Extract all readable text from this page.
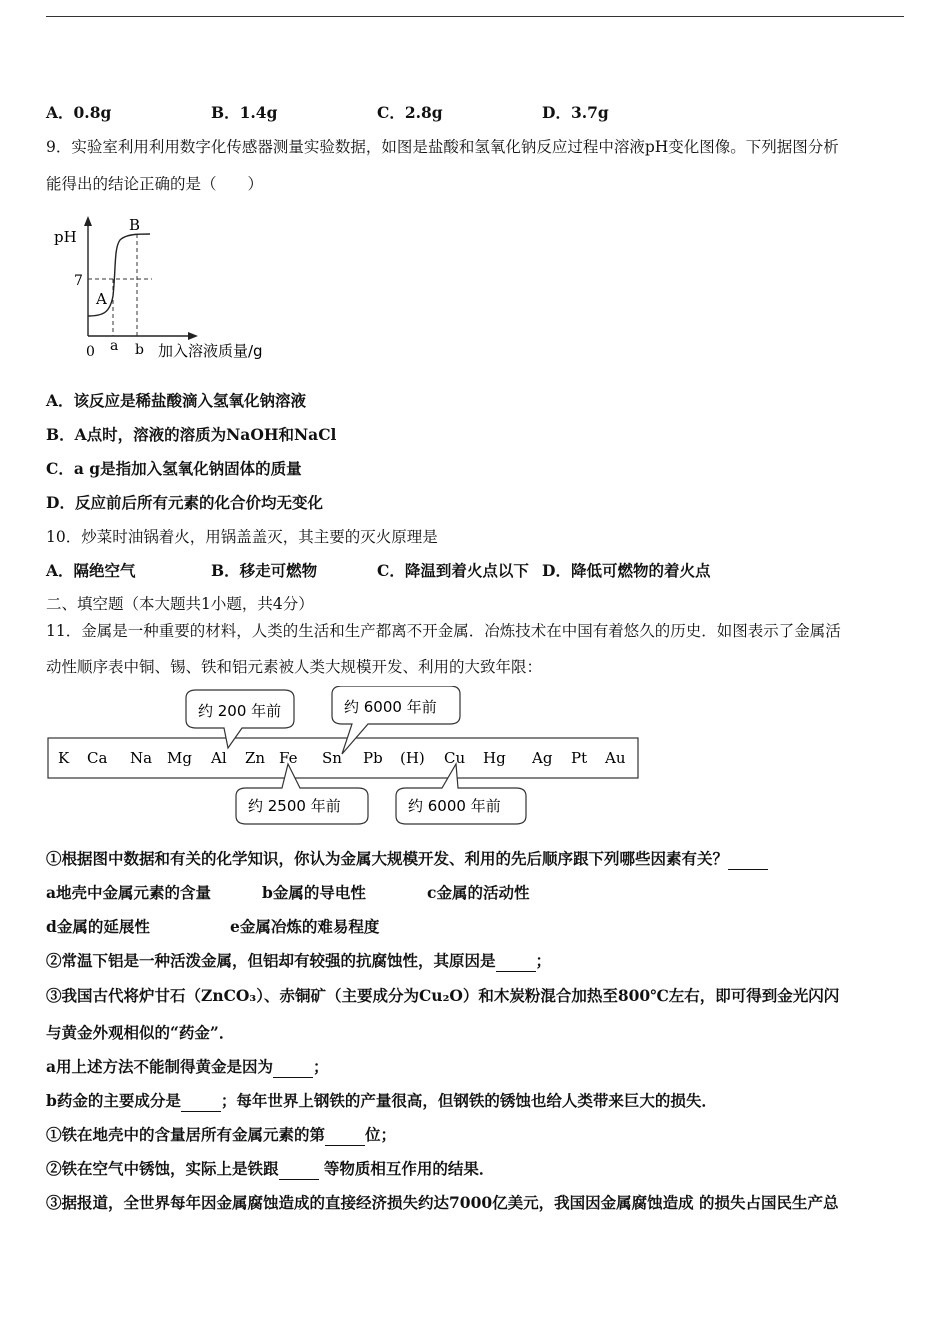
A．0.8g	B．1.4g	C．2.8g	D．3.7g
9．实验室利用利用数字化传感器测量实验数据，如图是盐酸和氢氧化钠反应过程中溶液pH变化图像。下列据图分析
能得出的结论正确的是（　　）
pH
7
0 a b 加入溶液质量/g
A
B
A．该反应是稀盐酸滴入氢氧化钠溶液
B．A点时，溶液的溶质为NaOH和NaCl
C．a g是指加入氢氧化钠固体的质量
D．反应前后所有元素的化合价均无变化
10．炒菜时油锅着火，用锅盖盖灭，其主要的灭火原理是
A．隔绝空气	B．移走可燃物	C．降温到着火点以下 D．降低可燃物的着火点
二、填空题（本大题共1小题，共4分）
11．金属是一种重要的材料，人类的生活和生产都离不开金属．冶炼技术在中国有着悠久的历史．如图表示了金属活
动性顺序表中铜、锡、铁和铝元素被人类大规模开发、利用的大致年限：
约 200 年前	约 6000 年前
约 2500 年前	约 6000 年前
K Ca Na Mg Al Zn Fe Sn Pb (H) Cu Hg Ag Pt Au
①根据图中数据和有关的化学知识，你认为金属大规模开发、利用的先后顺序跟下列哪些因素有关？
a地壳中金属元素的含量	b金属的导电性	c金属的活动性
d金属的延展性	e金属冶炼的难易程度
②常温下铝是一种活泼金属，但铝却有较强的抗腐蚀性，其原因是	；
③我国古代将炉甘石（ZnCO₃）、赤铜矿（主要成分为Cu₂O）和木炭粉混合加热至800℃左右，即可得到金光闪闪
与黄金外观相似的“药金”．
a用上述方法不能制得黄金是因为	；
b药金的主要成分是	；每年世界上钢铁的产量很高，但钢铁的锈蚀也给人类带来巨大的损失．
①铁在地壳中的含量居所有金属元素的第	位；
②铁在空气中锈蚀，实际上是铁跟	等物质相互作用的结果．
③据报道，全世界每年因金属腐蚀造成的直接经济损失约达7000亿美元，我国因金属腐蚀造成 的损失占国民生产总
